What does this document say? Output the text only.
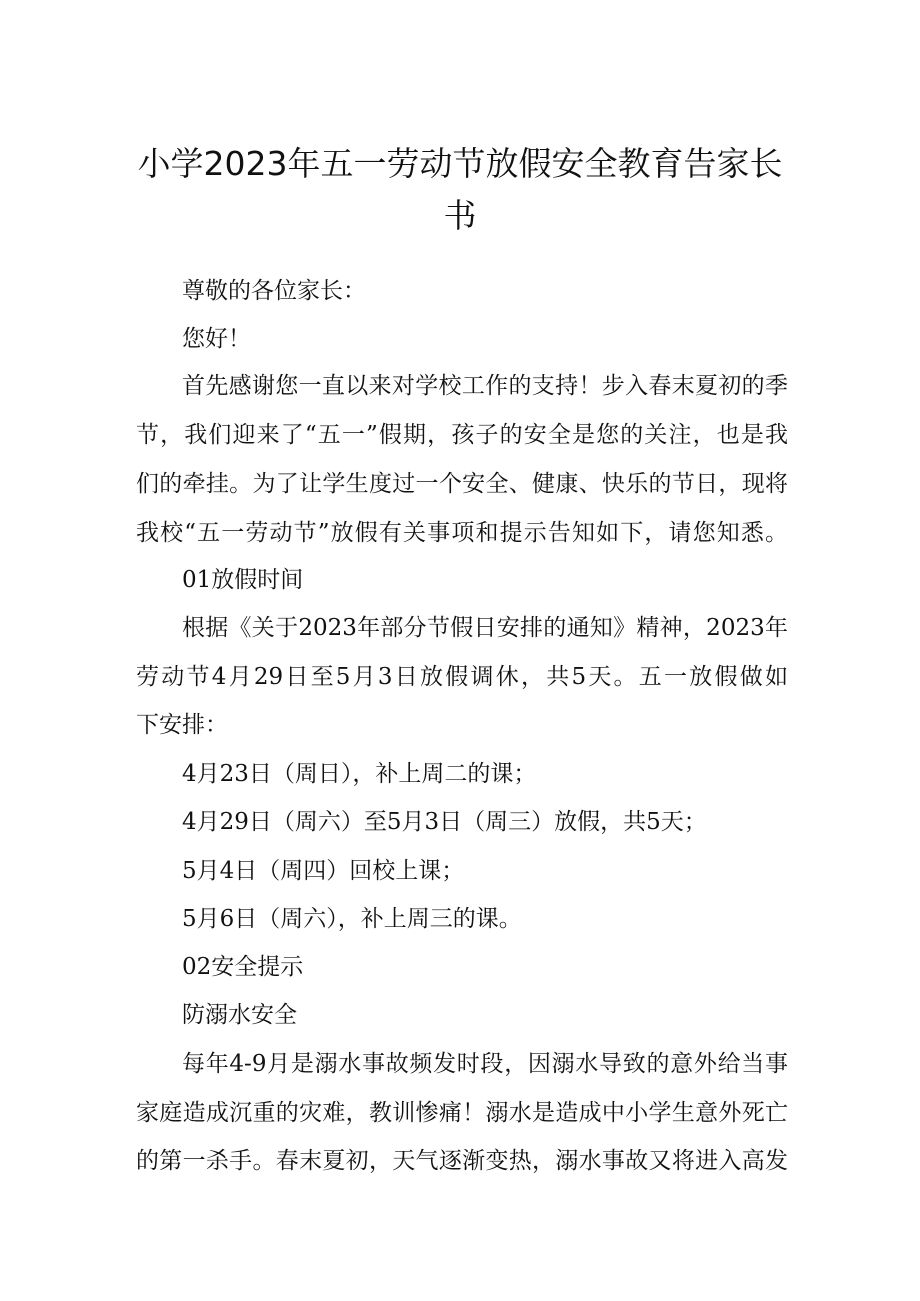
小学2023年五一劳动节放假安全教育告家长书
尊敬的各位家长：
您好！
首先感谢您一直以来对学校工作的支持！步入春末夏初的季
节，我们迎来了“五一”假期，孩子的安全是您的关注，也是我
们的牵挂。为了让学生度过一个安全、健康、快乐的节日，现将
我校“五一劳动节”放假有关事项和提示告知如下，请您知悉。
01放假时间
根据《关于2023年部分节假日安排的通知》精神，2023年
劳动节4月29日至5月3日放假调休，共5天。五一放假做如
下安排：
4月23日（周日），补上周二的课；
4月29日（周六）至5月3日（周三）放假，共5天；
5月4日（周四）回校上课；
5月6日（周六），补上周三的课。
02安全提示
防溺水安全
每年4-9月是溺水事故频发时段，因溺水导致的意外给当事
家庭造成沉重的灾难，教训惨痛！溺水是造成中小学生意外死亡
的第一杀手。春末夏初，天气逐渐变热，溺水事故又将进入高发
